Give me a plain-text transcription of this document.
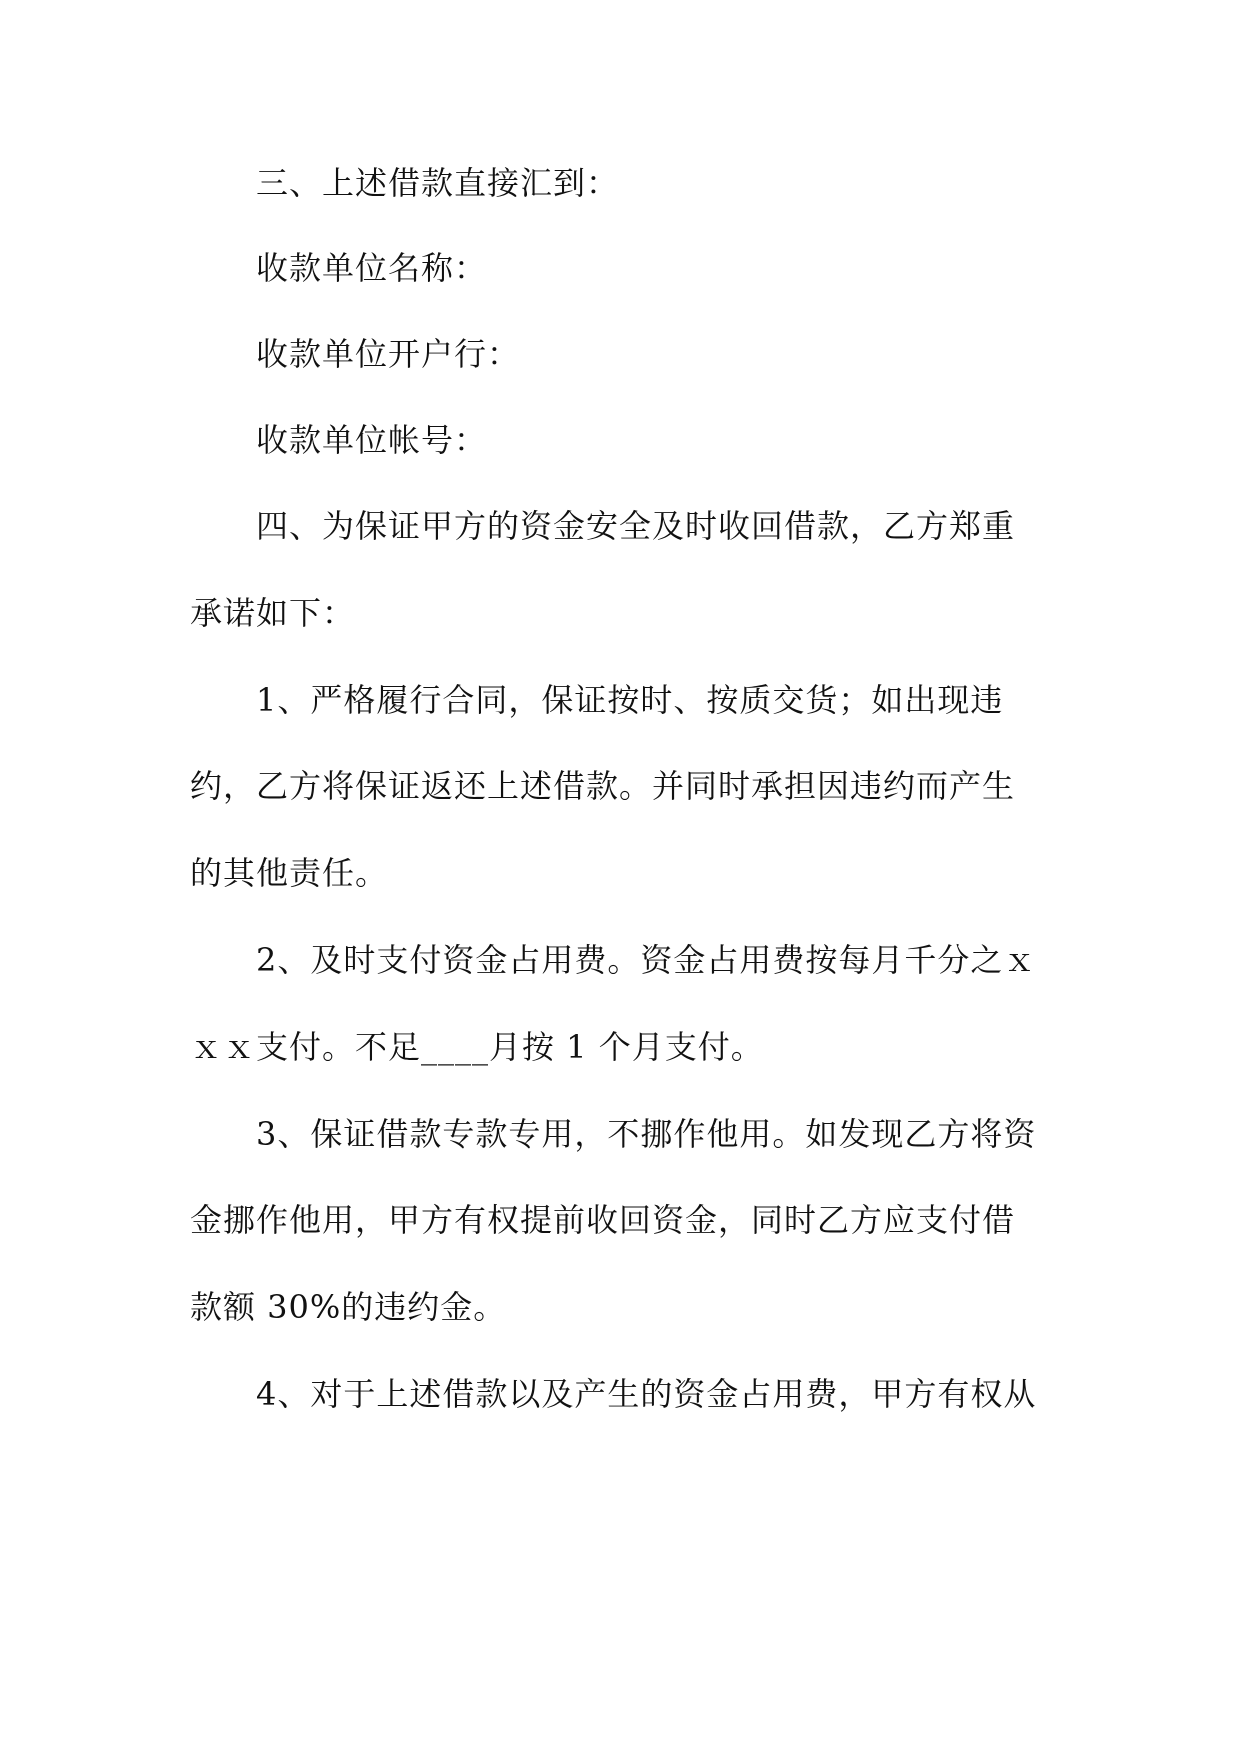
三、上述借款直接汇到：

收款单位名称：

收款单位开户行：

收款单位帐号：

四、为保证甲方的资金安全及时收回借款，乙方郑重

承诺如下：

1、严格履行合同，保证按时、按质交货；如出现违

约，乙方将保证返还上述借款。并同时承担因违约而产生

的其他责任。

2、及时支付资金占用费。资金占用费按每月千分之ｘ

ｘｘ支付。不足____月按 1 个月支付。

3、保证借款专款专用，不挪作他用。如发现乙方将资

金挪作他用，甲方有权提前收回资金，同时乙方应支付借

款额 30%的违约金。

4、对于上述借款以及产生的资金占用费，甲方有权从
